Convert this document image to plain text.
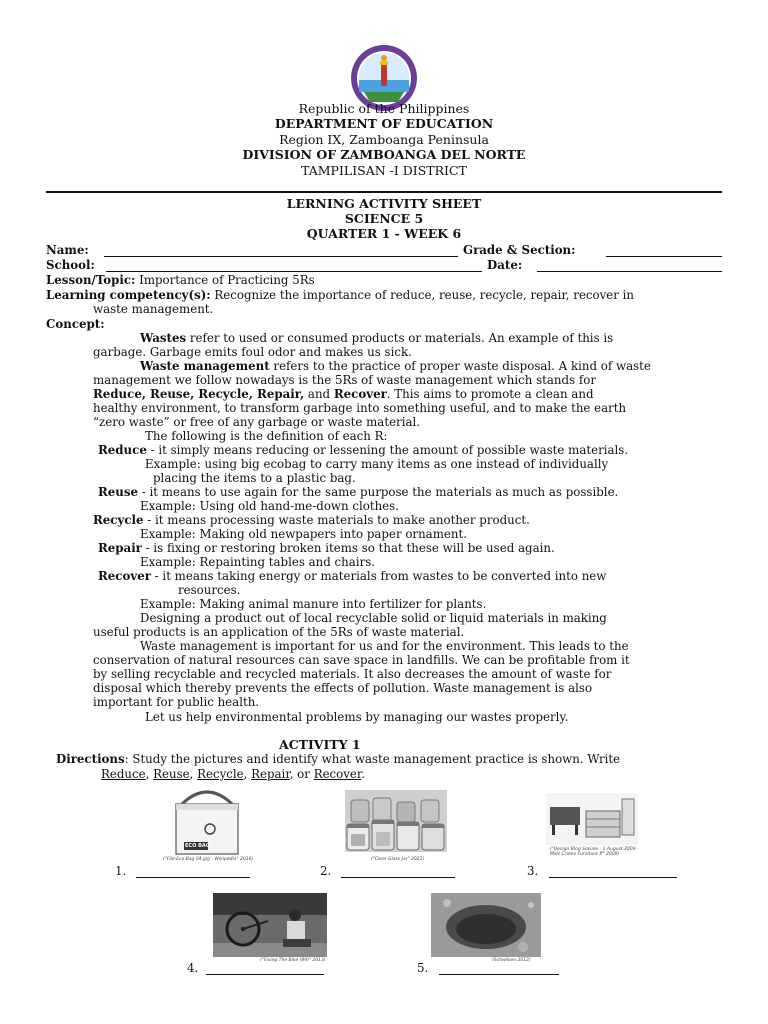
Republic of the Philippines
DEPARTMENT OF EDUCATION
Region IX, Zamboanga Peninsula
DIVISION OF ZAMBOANGA DEL NORTE
TAMPILISAN -I DISTRICT
LERNING ACTIVITY SHEET
SCIENCE 5
QUARTER 1 - WEEK 6
Name:	Grade & Section:
School:	Date:
Lesson/Topic: Importance of Practicing 5Rs
Learning competency(s): Recognize the importance of reduce, reuse, recycle, repair, recover in
waste management.
Concept:
Wastes refer to used or consumed products or materials. An example of this is
garbage. Garbage emits foul odor and makes us sick.
Waste management refers to the practice of proper waste disposal. A kind of waste
management we follow nowadays is the 5Rs of waste management which stands for
Reduce, Reuse, Recycle, Repair, and Recover. This aims to promote a clean and
healthy environment, to transform garbage into something useful, and to make the earth
“zero waste” or free of any garbage or waste material.
The following is the definition of each R:
Reduce - it simply means reducing or lessening the amount of possible waste materials.
Example: using big ecobag to carry many items as one instead of individually
placing the items to a plastic bag.
Reuse - it means to use again for the same purpose the materials as much as possible.
Example: Using old hand-me-down clothes.
Recycle - it means processing waste materials to make another product.
Example: Making old newpapers into paper ornament.
Repair - is fixing or restoring broken items so that these will be used again.
Example: Repainting tables and chairs.
Recover - it means taking energy or materials from wastes to be converted into new
resources.
Example: Making animal manure into fertilizer for plants.
Designing a product out of local recyclable solid or liquid materials in making
useful products is an application of the 5Rs of waste material.
Waste management is important for us and for the environment. This leads to the
conservation of natural resources can save space in landfills. We can be profitable from it
by selling recyclable and recycled materials. It also decreases the amount of waste for
disposal which thereby prevents the effects of pollution. Waste management is also
important for public health.
Let us help environmental problems by managing our wastes properly.
ACTIVITY 1
Directions: Study the pictures and identify what waste management practice is shown. Write
Reduce, Reuse, Recycle, Repair, or Recover.
ECO BAG
("File:Eco Bag 04.jpg - Wikipedia" 2016)	("Clear Glass Jar" 2021)
("Design Blog Sosiale - 1 August 2009 - Mills Crates Furniture ff" 2009)
1.	2.	3.
("Fixing The Bike (89)" 2013)	(Schwilsen 2012)
4.	5.
